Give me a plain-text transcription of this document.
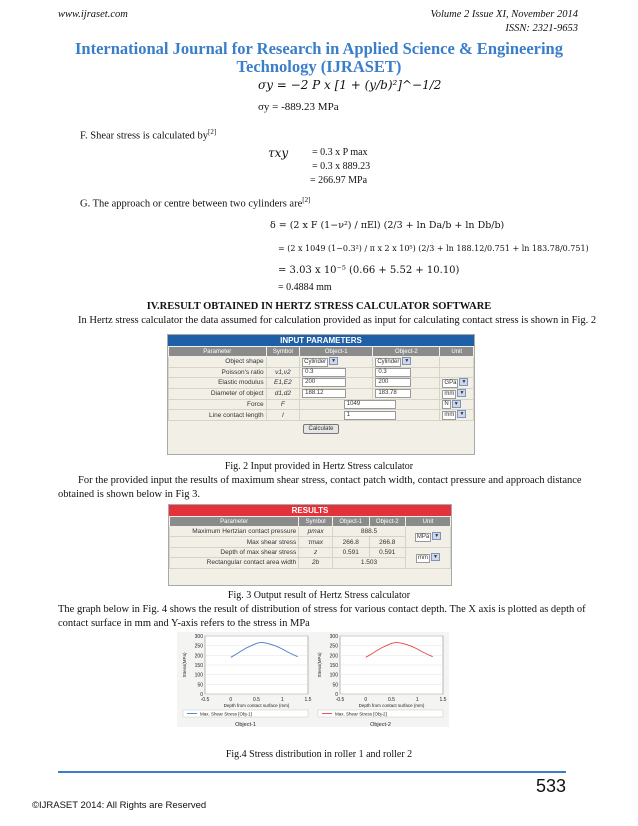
www.ijraset.com	Volume 2 Issue XI, November 2014
ISSN: 2321-9653
International Journal for Research in Applied Science & Engineering
Technology (IJRASET)
σy = −2 P x [1 + (y/b)²]^−1/2
σy = -889.23 MPa
F. Shear stress is calculated by[2]
τxy = 0.3 x P max
= 0.3 x 889.23
= 266.97 MPa
G. The approach or centre between two cylinders are[2]
δ = (2 x F (1−ν²) / πEl) (2/3 + ln Da/b + ln Db/b)
= (2 x 1049 (1−0.3²) / π x 2 x 10⁵) (2/3 + ln 188.12/0.751 + ln 183.78/0.751)
= 3.03 x 10⁻⁵ (0.66 + 5.52 + 10.10)
= 0.4884 mm
IV.RESULT OBTAINED IN HERTZ STRESS CALCULATOR SOFTWARE
In Hertz stress calculator the data assumed for calculation provided as input for calculating contact stress is shown in Fig. 2
INPUT PARAMETERS
Parameter	Symbol	Object-1	Object-2	Unit
Object shape		Cylinder ▼	Cylinder ▼	
Poisson's ratio	ν1,ν2	0.3	0.3	
Elastic modulus	E1,E2	200	200	GPa ▼
Diameter of object	d1,d2	188.12	183.78	mm ▼
Force	F	1049		N ▼
Line contact length	l	1		mm ▼
Calculate
Fig. 2 Input provided in Hertz Stress calculator
For the provided input the results of maximum shear stress, contact patch width, contact pressure and approach distance
obtained is shown below in Fig 3.
RESULTS
Parameter	Symbol	Object-1	Object-2	Unit
Maximum Hertzian contact pressure	pmax	888.5		MPa ▼
Max shear stress	τmax	266.8	266.8	
Depth of max shear stress	z	0.591	0.591	mm ▼
Rectangular contact area width	2b	1.503		
Fig. 3 Output result of Hertz Stress calculator
The graph below in Fig. 4 shows the result of distribution of stress for various contact depth. The X axis is plotted as depth of
contact surface in mm and Y-axis refers to the stress in MPa
0
50
100
150
200
250
300
-0.5	0	0.5	1	1.5
Depth from contact surface (mm)
Stress(MPa)
Max. Shear Stress [Obj-1]
Object-1
0
50
100
150
200
250
300
-0.5	0	0.5	1	1.5
Depth from contact surface (mm)
Stress(MPa)
Max. Shear Stress [Obj-2]
Object-2
Fig.4 Stress distribution in roller 1 and roller 2
533
©IJRASET 2014: All Rights are Reserved
